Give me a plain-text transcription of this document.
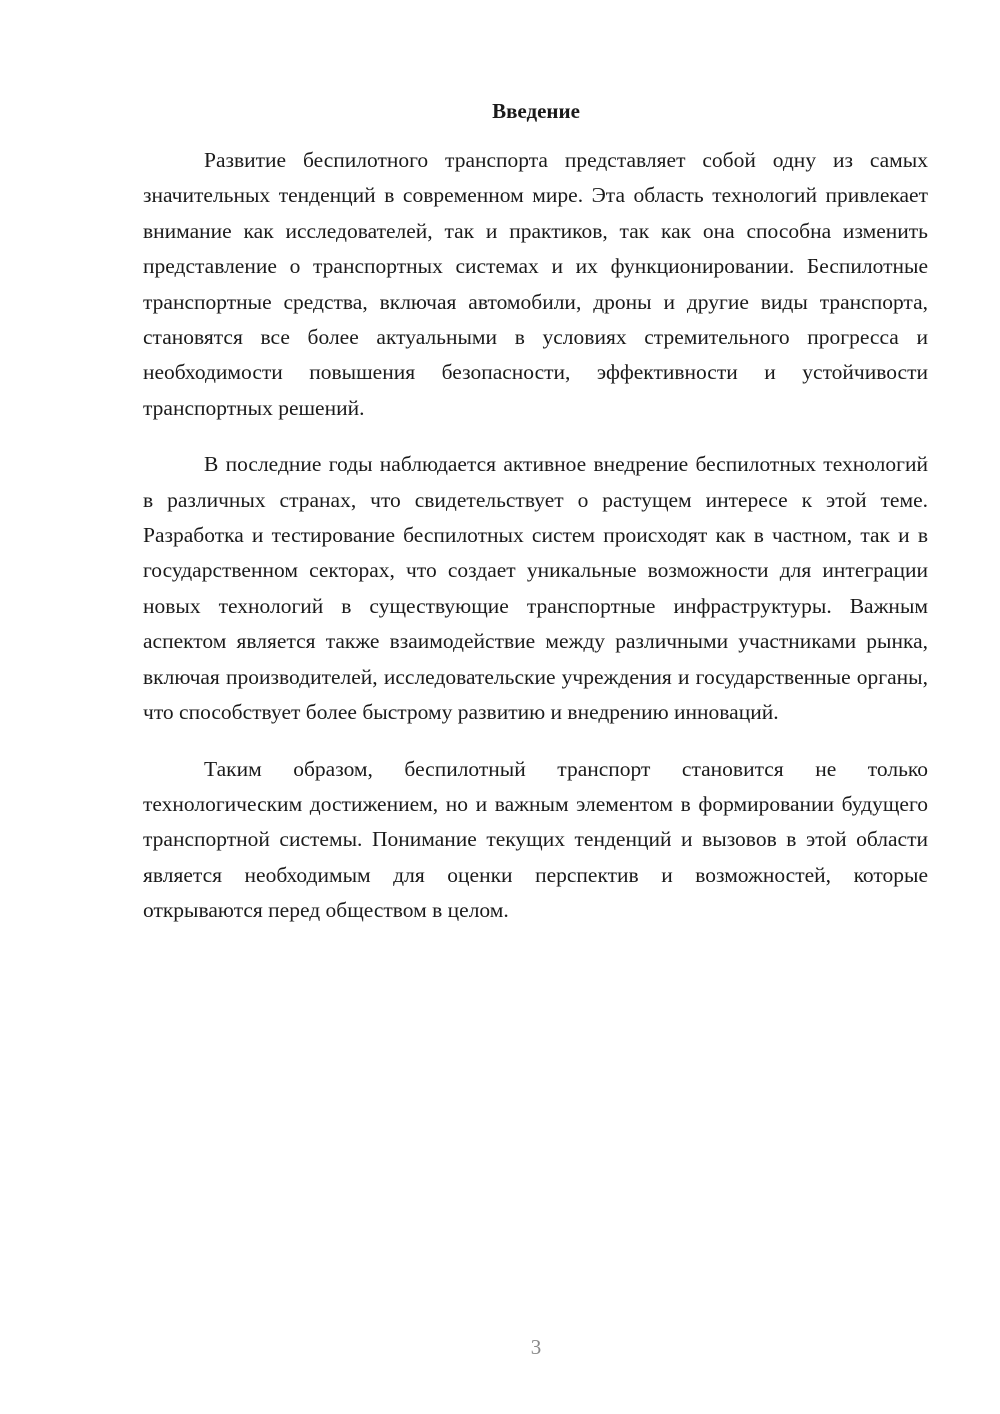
Введение

Развитие беспилотного транспорта представляет собой одну из самых значительных тенденций в современном мире. Эта область технологий привлекает внимание как исследователей, так и практиков, так как она способна изменить представление о транспортных системах и их функционировании. Беспилотные транспортные средства, включая автомобили, дроны и другие виды транспорта, становятся все более актуальными в условиях стремительного прогресса и необходимости повышения безопасности, эффективности и устойчивости транспортных решений.

В последние годы наблюдается активное внедрение беспилотных технологий в различных странах, что свидетельствует о растущем интересе к этой теме. Разработка и тестирование беспилотных систем происходят как в частном, так и в государственном секторах, что создает уникальные возможности для интеграции новых технологий в существующие транспортные инфраструктуры. Важным аспектом является также взаимодействие между различными участниками рынка, включая производителей, исследовательские учреждения и государственные органы, что способствует более быстрому развитию и внедрению инноваций.

Таким образом, беспилотный транспорт становится не только технологическим достижением, но и важным элементом в формировании будущего транспортной системы. Понимание текущих тенденций и вызовов в этой области является необходимым для оценки перспектив и возможностей, которые открываются перед обществом в целом.

3
